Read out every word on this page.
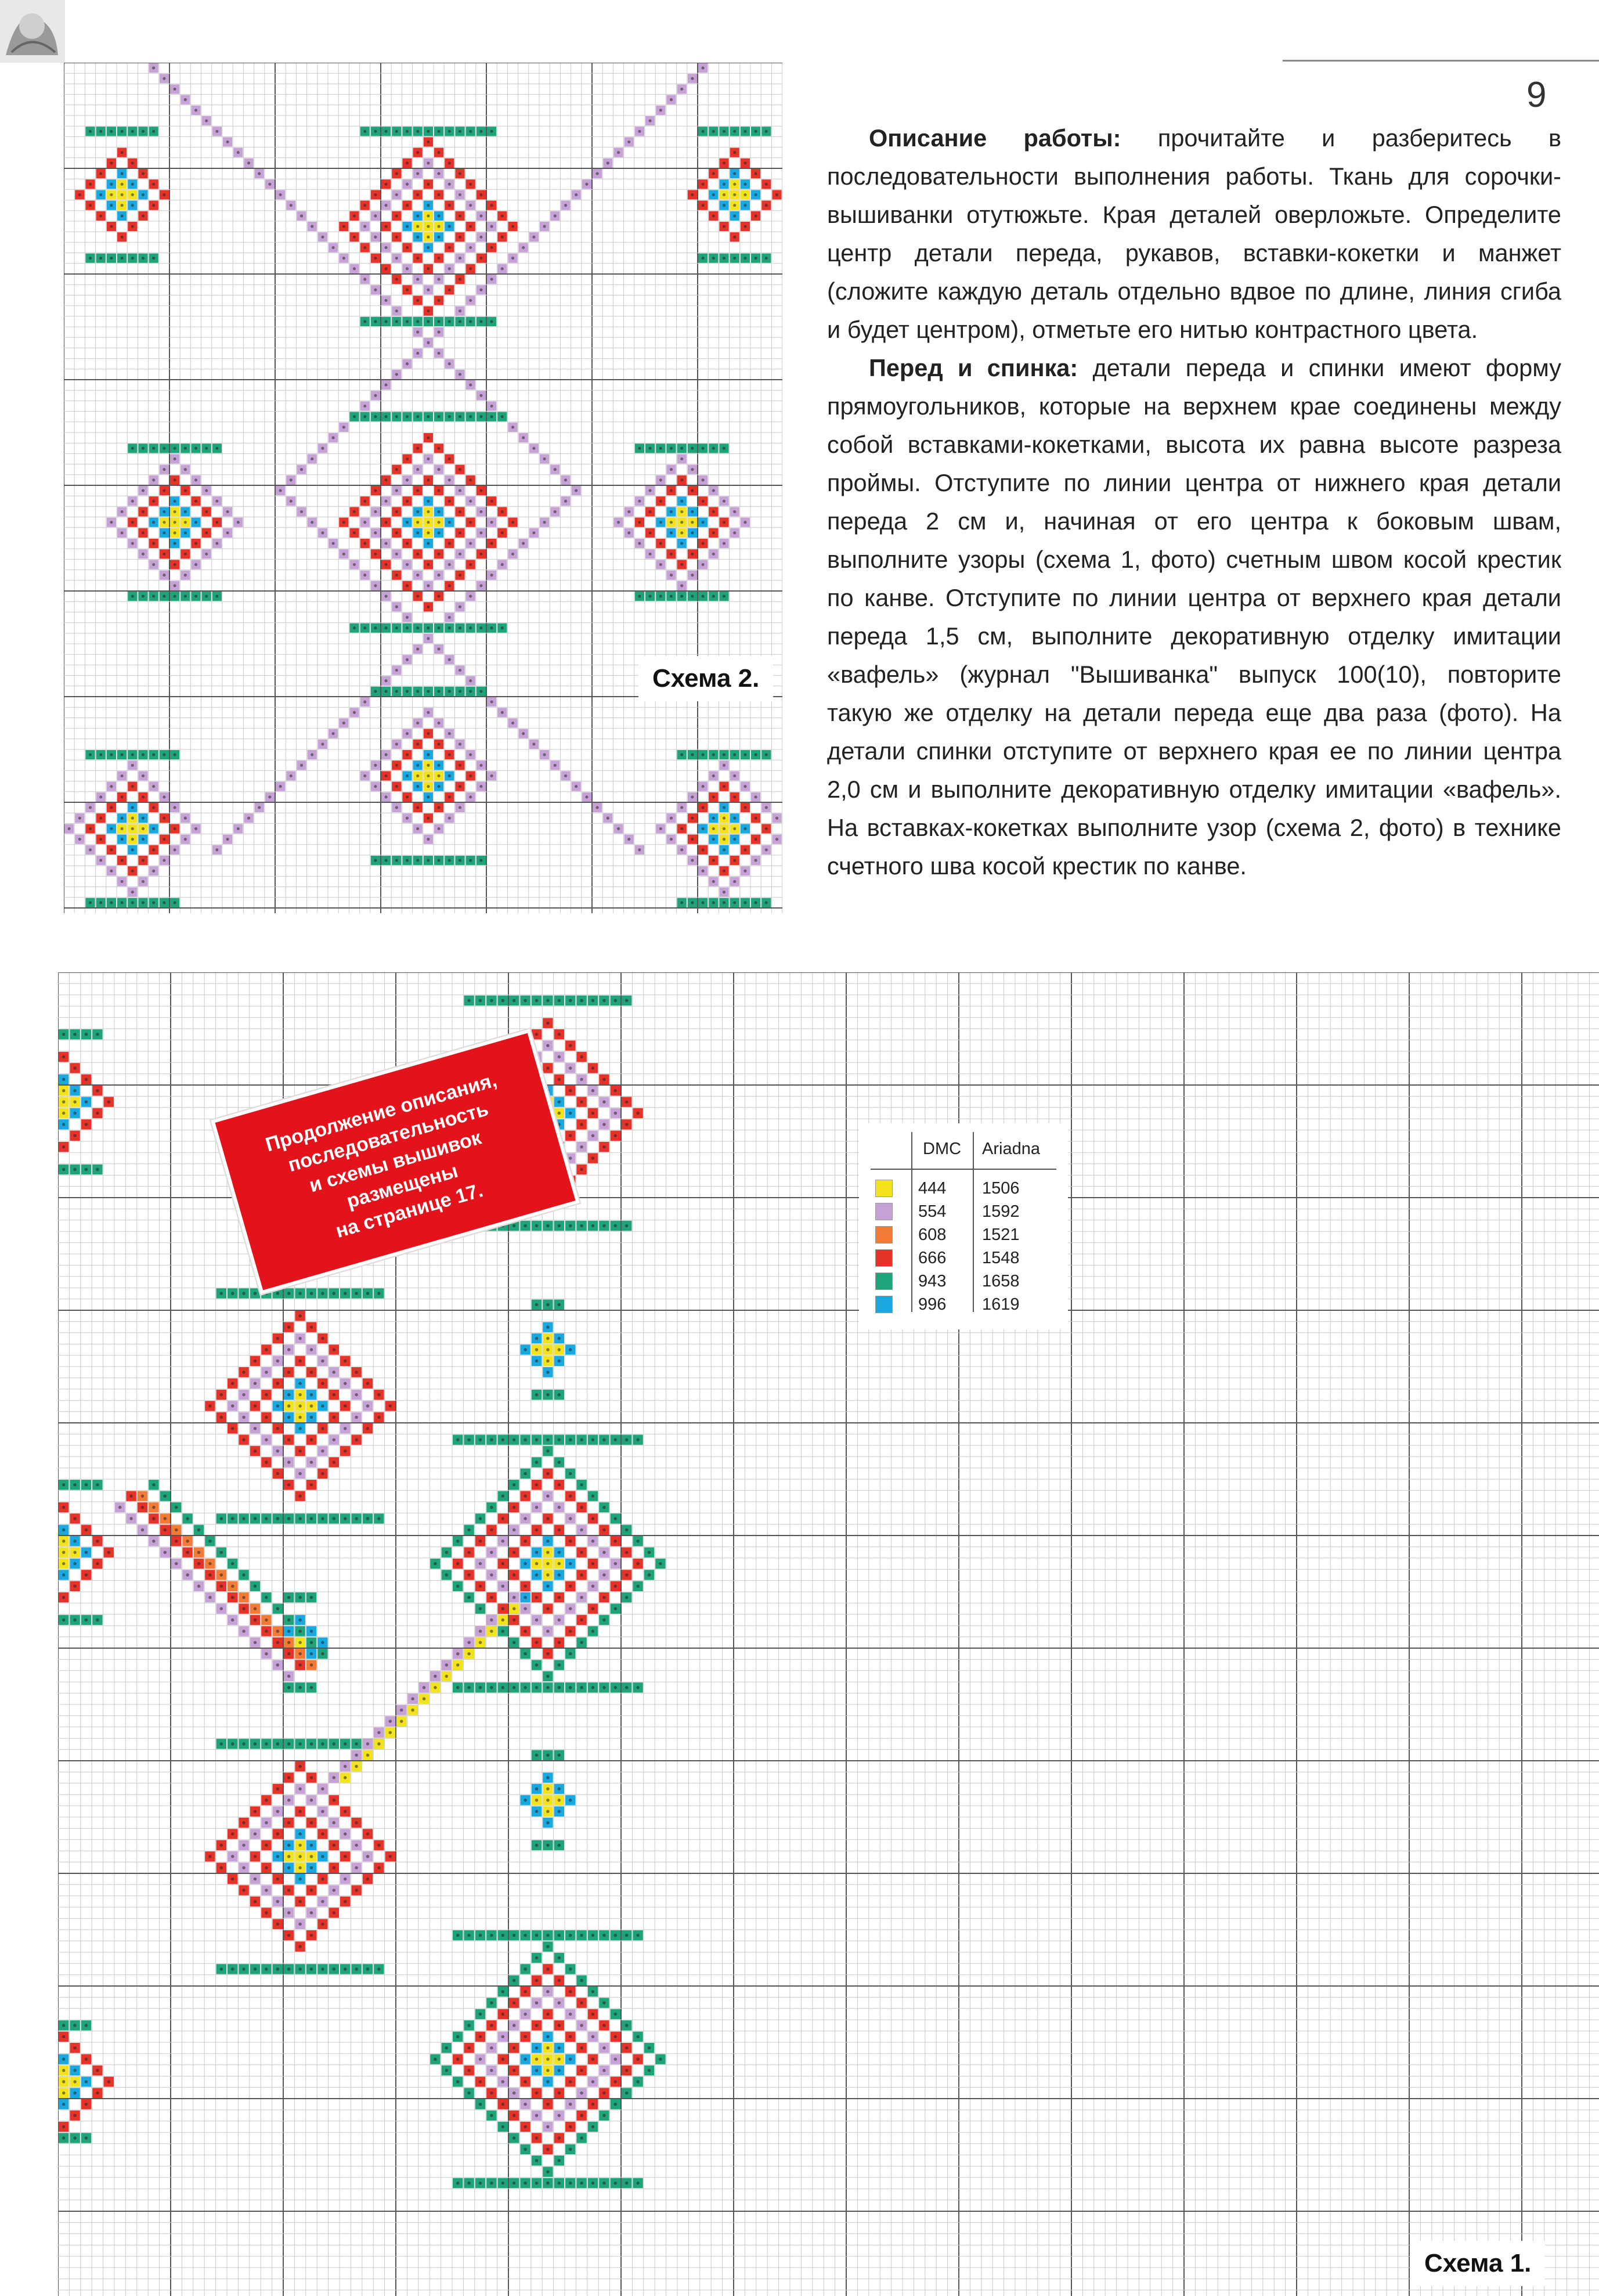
9
Схема 2.

Описание работы: прочитайте и разберитесь в последовательности выполнения работы. Ткань для сорочки-вышиванки отутюжьте. Края деталей оверложьте. Определите центр детали переда, рукавов, вставки-кокетки и манжет (сложите каждую деталь отдельно вдвое по длине, линия сгиба и будет центром), отметьте его нитью контрастного цвета.

Перед и спинка: детали переда и спинки имеют форму прямоугольников, которые на верхнем крае соединены между собой вставками-кокетками, высота их равна высоте разреза проймы. Отступите по линии центра от нижнего края детали переда 2 см и, начиная от его центра к боковым швам, выполните узоры (схема 1, фото) счетным швом косой крестик по канве. Отступите по линии центра от верхнего края детали переда 1,5 см, выполните декоративную отделку имитации «вафель» (журнал "Вышиванка" выпуск 100(10), повторите такую же отделку на детали переда еще два раза (фото). На детали спинки отступите от верхнего края ее по линии центра 2,0 см и выполните декоративную отделку имитации «вафель». На вставках-кокетках выполните узор (схема 2, фото) в технике счетного шва косой крестик по канве.

Схема 1.
Продолжение описания,
последовательность
и схемы вышивок
размещены
на странице 17.
DMC Ariadna
444	1506
554	1592
608	1521
666	1548
943	1658
996	1619
